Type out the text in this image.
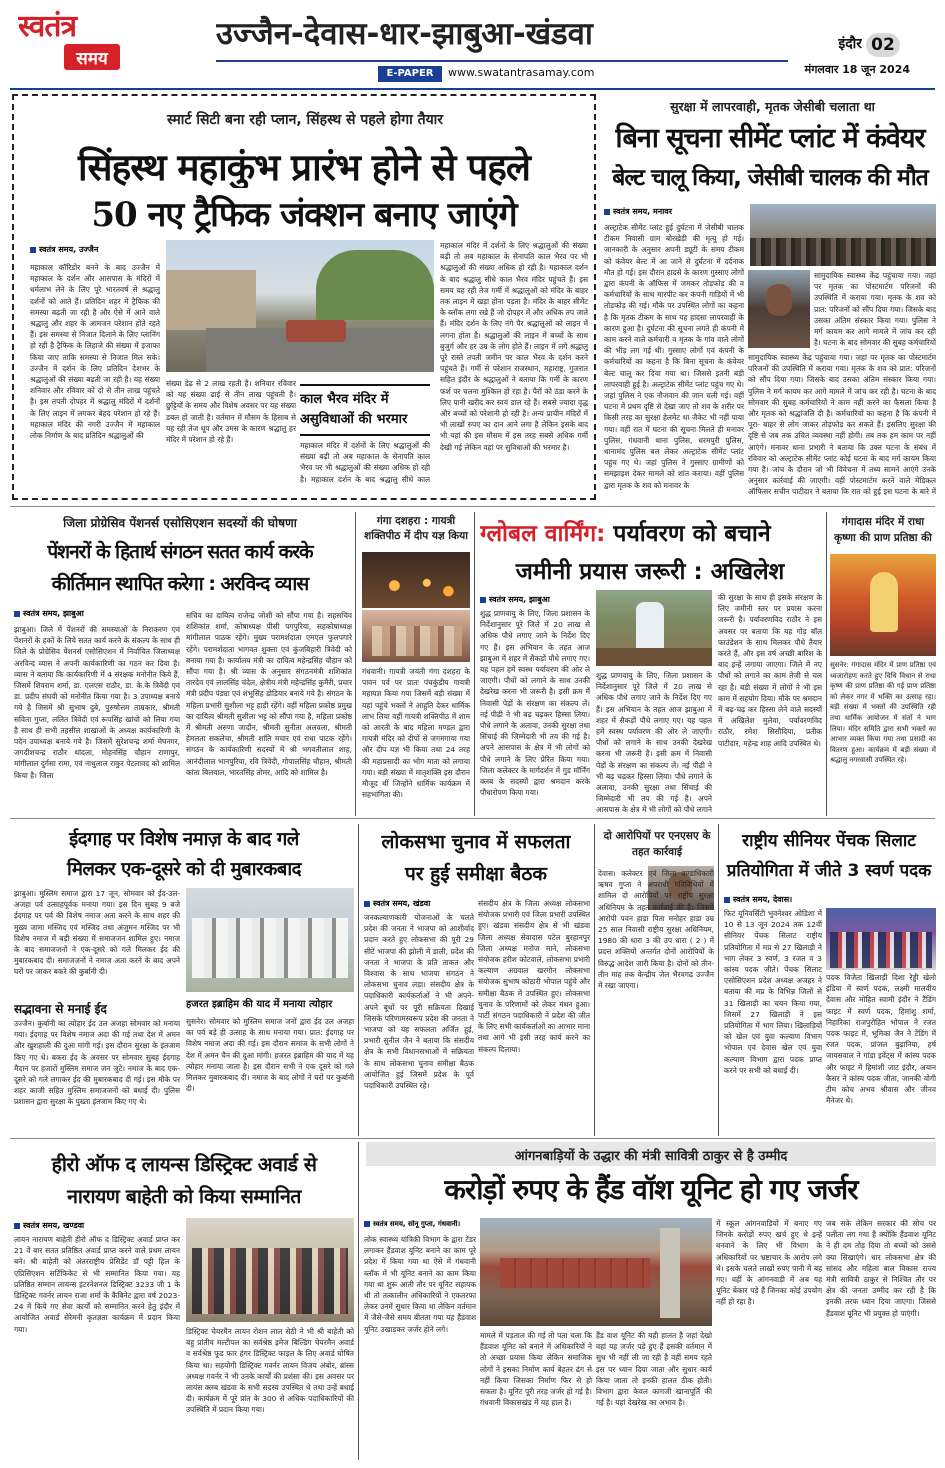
स्वतंत्र
समय
उज्जैन-देवास-धार-झाबुआ-खंडवा
E-PAPER	www.swatantrasamay.com
इंदौर 02
मंगलवार 18 जून 2024
स्मार्ट सिटी बना रही प्लान, सिंहस्थ से पहले होगा तैयार
सिंहस्थ महाकुंभ प्रारंभ होने से पहले
50 नए ट्रैफिक जंक्शन बनाए जाएंगे
स्वतंत्र समय, उज्जैन
महाकाल कॉरिडोर बनने के बाद उज्जैन में महाकाल के दर्शन और आसपास के मंदिरों में धर्मलाभ लेने के लिए पूरे भारतवर्ष से श्रद्धालु दर्शनों को आते हैं। प्रतिदिन शहर में ट्रैफिक की समस्या बढ़ती जा रही है और ऐसे में आने वाले श्रद्धालु और शहर के आमजन परेशान होते रहते हैं। इस समस्या से निजात दिलाने के लिए प्लानिंग हो रही है ट्रैफिक के लिहाजे की संख्या में इजाफा किया जाए ताकि समस्या से निजात मिल सके। उज्जैन में दर्शन के लिए प्रतिदिन देशभर के श्रद्धालुओं की संख्या बढ़ती जा रही है। यह संख्या शनिवार और रविवार को दो से तीन लाख पहुंचते है। इस तपती दोपहर में श्रद्धालु मंदिरों में दर्शनों के लिए लाइन में लगकर बेहद परेशान हो रहे हैं। महाकाल मंदिर की नगरी उज्जैन में महाकाल लोक निर्माण के बाद प्रतिदिन श्रद्धालुओं की
संख्या डेढ़ से 2 लाख रहती है। शनिवार रविवार को यह संख्या ढाई से तीन लाख पहुंचती है। छुट्टियों के समय और विशेष अवसर पर यह संख्या डबल हो जाती है। वर्तमान में मौसम के हिसाब से यह रही तेज धूप और उमस के कारण श्रद्धालु हर मंदिर में परेशान हो रहे हैं।
काल भैरव मंदिर में असुविधाओं की भरमार
महाकाल मंदिर में दर्शनों के लिए श्रद्धालुओं की संख्या बढ़ी तो अब महाकाल के सेनापति काल भैरव पर भी श्रद्धालुओं की संख्या अधिक हो रही है। महाकाल दर्शन के बाद श्रद्धालु सीधे काल
महाकाल मंदिर में दर्शनों के लिए श्रद्धालुओं की संख्या बढ़ी तो अब महाकाल के सेनापति काल भैरव पर भी श्रद्धालुओं की संख्या अधिक हो रही है। महाकाल दर्शन के बाद श्रद्धालु सीधे काल भैरव मंदिर पहुंचते हैं। इस समय यह रही तेज गर्मी में श्रद्धालुओं को मंदिर के बाहर तक लाइन में खड़ा होना पड़ता है। मंदिर के बाहर सीमेंट के ब्लॉक लगा रखे हैं जो दोपहर में और अधिक तप जाते हैं। मंदिर दर्शन के लिए नंगे पैर श्रद्धालुओं को लाइन में लगना होता है। श्रद्धालुओं की लाइन में बच्चों के साथ बुजुर्ग और हर उम्र के लोग होते हैं। लाइन में लगे श्रद्धालु पूरे रास्ते तपती जमीन पर काल भैरव के दर्शन करने पहुंचते हैं। गर्मी से परेशान राजस्थान, महाराष्ट्र, गुजरात सहित इंदौर के श्रद्धालुओं ने बताया कि गर्मी के कारण फर्श पर चलना मुश्किल हो रहा है। पैरों को ठंडा करने के लिए पानी खरीद कर स्वयं डाल रहे हैं। सबसे ज्यादा वृद्ध और बच्चों को परेशानी हो रही है। अन्य प्राचीन मंदिरों में भी लाखों रुपए का दान आने लगा है लेकिन इसके बाद भी यहां की इस मौसम में इस तरह सबसे अधिक गर्मी देखी गई लेकिन वहां पर सुविधाओं की भरमार है।
सुरक्षा में लापरवाही, मृतक जेसीबी चलाता था
बिना सूचना सीमेंट प्लांट में कंवेयर
बेल्ट चालू किया, जेसीबी चालक की मौत
स्वतंत्र समय, मनावर
अल्ट्राटेक सीमेंट प्लांट हुई दुर्घटना में जेसीबी चालक टीकम निवासी ग्राम बोरखेड़ी की मृत्यु हो गई। जानकारी के अनुसार अपनी ड्यूटी के समय टीकम को कंवेयर बेल्ट में आ जाने से दुर्घटना में दर्दनाक मौत हो गई। इस दौरान हादसे के कारण गुस्साए लोगों द्वारा कंपनी के ऑफिस में जमकर तोड़फोड़ की व कर्मचारियों के साथ मारपीट कर कंपनी गाड़ियों में भी तोड़फोड़ की गई। मौके पर उपस्थित लोगों का कहना है कि मृतक टीकम के साथ यह हादसा लापरवाही के कारण हुआ है। दुर्घटना की सूचना लगते ही कंपनी में काम करने वाले कर्मचारी व मृतक के गांव वाले लोगों की भीड़ लग गई थी। गुस्साए लोगों एवं कंपनी के कर्मचारियों का कहना है कि बिना सूचना के कंवेयर बेल्ट चालू कर दिया गया था। जिससे इतनी बड़ी लापरवाही हुई है। अल्ट्राटेक सीमेंट प्लांट पहुंच गए थे। जहां पुलिस ने एक नौजवान की जान चली गई। वहीं घटना में प्रथम दृष्टि से देखा जाए तो शव के शरीर पर किसी तरह का सुरक्षा हेलमेट था जैकेट भी नहीं पाया गया। वहीं रात में घटना की सूचना मिलते ही मनावर पुलिस, गंधवानी थाना पुलिस, धरमपुरी पुलिस, थानामंद पुलिस बल लेकर अल्ट्राटेक सीमेंट प्लांट पहुंच गए थे। जहां पुलिस ने गुस्साए ग्रामीणों को समझाइश देकर मामले को शांत कराया। वहीं पुलिस द्वारा मृतक के शव को मनावर के
सामुदायिक स्वास्थ्य केंद्र पहुंचाया गया। जहां पर मृतक का पोस्टमार्टम परिजनों की उपस्थिति में कराया गया। मृतक के शव को प्रात: परिजनों को सौंप दिया गया। जिसके बाद उसका अंतिम संस्कार किया गया। पुलिस ने मर्ग कायम कर आगे मामले में जांच कर रही है। घटना के बाद सोमवार की सुबह कर्मचारियों
सामुदायिक स्वास्थ्य केंद्र पहुंचाया गया। जहां पर मृतक का पोस्टमार्टम परिजनों की उपस्थिति में कराया गया। मृतक के शव को प्रात: परिजनों को सौंप दिया गया। जिसके बाद उसका अंतिम संस्कार किया गया। पुलिस ने मर्ग कायम कर आगे मामले में जांच कर रही है। घटना के बाद सोमवार की सुबह कर्मचारियों ने काम नहीं करने का फैसला किया है और मृतक को श्रद्धांजलि दी है। कर्मचारियों का कहना है कि कंपनी में पूरा- बाहर से लोग जाकर तोड़फोड़ कर सकते हैं। इसलिए सुरक्षा की दृष्टि से जब तक उचित व्यवस्था नहीं होगी। तब तक हम काम पर नहीं आएंगे। मनावर थाना प्रभारी ने बताया कि उक्त घटना के संबंध में रविवार को अल्ट्राटेक सीमेंट प्लांट कोई घटना के बाद मर्ग कायम किया गया है। जांच के दौरान जो भी विवेचना में तथ्य सामने आएंगे उनके अनुसार कार्रवाई की जाएगी। वहीं पोस्टमार्टम करने वाले मेडिकल ऑफिसर सचीन पाटीदार ने बताया कि रात को हुई इस घटना के बारे में
जिला प्रोग्रेसिव पेंशनर्स एसोसिएशन सदस्यों की घोषणा
पेंशनरों के हितार्थ संगठन सतत कार्य करके
कीर्तिमान स्थापित करेगा : अरविन्द व्यास
स्वतंत्र समय, झाबुआ
झाबुआ। जिले में पेंशनरों की समस्याओं के निराकरण एवं पेंशनरों के हकों के लिये सतत कार्य करने के संकल्प के साथ ही जिले के प्रोग्रेसिव पेंशनर्स एसोसिएशन में निर्वाचित जिलाध्यक्ष अरविन्द व्यास ने अपनी कार्यकारिणी का गठन कर दिया है। व्यास ने बताया कि कार्यकारिणी में 4 संरक्षक मनोनीत किये हैं, जिसमें शिवराम शर्मा, डा. एलएस राठौर, डा. के.के त्रिवेदी एवं डा. प्रदीप संघवी को मनोनीत किया गया है। 3 उपाध्यक्ष बनाये गये है जिसमें श्री सुभाष दुबे, पुरुषोत्तम ताम्रकार, श्रीमती सविता गुप्ता, ललित त्रिवेदी एवं रूपसिंह खांचो को लिया गया है साथ ही सभी तहसील शाखाओं के अध्यक्ष कार्यकारिणी के पदेन उपाध्यक्ष बनाये गये है। जिसमें सुरेशचन्द्र शर्मा मेघनगर, जगदीशचन्द्र राठौर थांदला, मोहनसिंह चौहान राणापुर, मांगीलाल दुर्गसा रामा, एवं नाथुलाल राकुर पेटलावद को शामिल किया है। जिला
सचिव का दायित्व राजेन्द्र जोशी को सौंपा गया है। सहसचिव शशिकांत शर्मा, कोषाध्यक्ष पीसी पगपुरिया, सहकोषाध्यक्ष मांगीलाल पाठक रहेंगे। मुख्य परामर्शदाता एमएल फुलपगारे रहेंगे। परामर्शदाता भागवत शुक्ला एवं कुंजबिहारी त्रिवेदी को बनाया गया है। कार्यालय मंत्री का दायित्व महेन्द्रसिंह चौहान को सौंपा गया है। श्री व्यास के अनुसार संगठनमंत्री शशिकांत तारदेव एवं लालसिंह चंदेल, क्षेत्रीय मंत्री महेन्द्रसिंह कुमैरी, प्रचार मंत्री प्रदीप पंड्या एवं शंभूसिंह डोडियार बनाये गये है। संगठन के महिला प्रभारी सुशीला भट्ट हाड़ी रहेंगे। वहीं महिला प्रकोष्ठ प्रमुख का दायित्व श्रीमती सुशीला भट्ट को सौंपा गया है, महिला प्रकोष्ठ में श्रीमती अरुणा जादौन, श्रीमती सुनीता अलवला, श्रीमती हेमलता सकलेचा, श्रीमती शांति मचार एवं राधा पाटक रहेंगे। संगठन के कार्यकारिणी सदस्यों में श्री भगवतीलाल शाह, आनंदीलाल भानपुरिया, रवि त्रिवेदी, गोपालसिंह चौहान, श्रीमती कांता बिलवाल, भारतसिंह तोमर, आदि को शामिल है।
गंगा दशहरा : गायत्री शक्तिपीठ में दीप यज्ञ किया
गंधवानी। गायत्री जयंती गंगा दशहरा के पावन पर्व पर प्रातः पंचकुंडीय गायत्री महायज्ञ किया गया जिसमें बड़ी संख्या में यहां पहुंचे भक्तों ने आहुति देकर धार्मिक लाभ लिया वहीं गायत्री शक्तिपीठ में शाम को आरती के बाद महिला मण्डल द्वारा गायत्री मंदिर को दीपों से जगमगाया गया और दीप यज्ञ भी किया तथा 24 तरह की महाप्रसादी का भोग माता को लगाया गया। बड़ी संख्या में मातृशक्ति इस दौरान मौजूद थीं जिन्होंने धार्मिक कार्यक्रम में सहभागिता की।
ग्लोबल वार्मिंग: पर्यावरण को बचाने
जमीनी प्रयास जरूरी : अखिलेश
स्वतंत्र समय, झाबुआ
शुद्ध प्राणवायु के लिए, जिला प्रशासन के निर्देशानुसार पूरे जिले में 20 लाख से अधिक पौधे लगाए जाने के निर्देश दिए गए हैं। इस अभियान के तहत आज झाबुआ में शहर में सैकड़ों पौधे लगाए गए। यह पहल हमें स्वस्थ पर्यावरण की ओर ले जाएगी। पौधों को लगाने के साथ उनकी देखरेख करना भी जरूरी है। इसी क्रम में निवासी पेड़ों के संरक्षण का संकल्प लें। नई पीढ़ी ने भी बढ़ चढ़कर हिस्सा लिया। पौधे लगाने के अलावा, उनकी सुरक्षा तथा सिंचाई की जिम्मेदारी भी तय की गई है। अपने आसपास के क्षेत्र में भी लोगों को पौधे लगाने के लिए प्रेरित किया गया। जिला कलेक्टर के मार्गदर्शन में गुड मॉर्निंग क्लब के सदस्यों द्वारा श्रमदान करके पौधारोपण किया गया।
शुद्ध प्राणवायु के लिए, जिला प्रशासन के निर्देशानुसार पूरे जिले में 20 लाख से अधिक पौधे लगाए जाने के निर्देश दिए गए हैं। इस अभियान के तहत आज झाबुआ में शहर में सैकड़ों पौधे लगाए गए। यह पहल हमें स्वस्थ पर्यावरण की ओर ले जाएगी। पौधों को लगाने के साथ उनकी देखरेख करना भी जरूरी है। इसी क्रम में निवासी पेड़ों के संरक्षण का संकल्प लें। नई पीढ़ी ने भी बढ़ चढ़कर हिस्सा लिया। पौधे लगाने के अलावा, उनकी सुरक्षा तथा सिंचाई की जिम्मेदारी भी तय की गई है। अपने आसपास के क्षेत्र में भी लोगों को पौधे लगाने
की सुरक्षा के साथ ही इसके संरक्षण के लिए जमीनी स्तर पर प्रयास करना जरूरी है। पर्यावरणविद राठौर ने इस अवसर पर बताया कि यह गोड़ बॉल फाउंडेशन के साथ मिलकर पौधे तैयार करते हैं, और इस वर्ष अच्छी बारिश के बाद इन्हें लगाया जाएगा। जिले में नए पौधों को लगाने का काम तेजी से चल रहा है। बड़ी संख्या में लोगों ने भी इस काम में सहयोग दिया। मौके पर श्रमदान में बढ़-चढ़ कर हिस्सा लेने वाले सदस्यों में अखिलेश मुलेवा, पर्यावरणविद राठौर, रमेश सिसौदिया, प्रतीक पाटीदार, महेन्द्र शाह आदि उपस्थित थे।
गंगादास मंदिर में राधा कृष्णा की प्राण प्रतिष्ठा की
सुसनेर: गंगादास मंदिर में प्राण प्रतिष्ठा एवं ध्वजारोहण करते हुए विधि विधान से राधा कृष्ण की प्राण प्रतिष्ठा की गई प्राण प्रतिष्ठा को लेकर नगर में भक्ति का उत्साह रहा। बड़ी संख्या में भक्तों की उपस्थिति रही तथा धार्मिक आयोजन में संतों ने भाग लिया। मंदिर समिति द्वारा सभी भक्तों का आभार व्यक्त किया गया तथा प्रसादी का वितरण हुआ। कार्यक्रम में बड़ी संख्या में श्रद्धालु नगरवासी उपस्थित रहे।
ईदगाह पर विशेष नमाज़ के बाद गले
मिलकर एक-दूसरे को दी मुबारकबाद
झाबुआ। मुस्लिम समाज द्वारा 17 जून, सोमवार को ईद-उल-अजहा पर्व उत्साहपूर्वक मनाया गया। इस दिन सुबह 9 बजे ईदगाह पर पर्व की विशेष नमाज अता करने के साथ शहर की मुख्य जामा मस्जिद एवं मस्जिद तथा अंजुमन मस्जिद पर भी विशेष नमाज में बड़ी संख्या में समाजजन शामिल हुए। नमाज के बाद समाजजनों ने एक-दूसरे को गले मिलकर ईद की मुबारकबाद दी। समाजजनों ने नमाज अता करने के बाद अपने घरों पर जाकर बकरे की कुर्बानी दी।
सद्भावना से मनाई ईद
उज्जैन। कुर्बानी का त्योहार ईद उल अजहा सोमवार को मनाया गया। ईदगाह पर विशेष नमाज अदा की गई तथा देश में अमन और खुशहाली की दुआ मांगी गई। इस दौरान सुरक्षा के इंतजाम किए गए थे। बकरा ईद के अवसर पर सोमवार सुबह ईदगाह मैदान पर हजारों मुस्लिम समाज जन जुटे। नमाज के बाद एक-दूसरे को गले लगाकर ईद की मुबारकबाद दी गई। इस मौके पर शहर काजी सहित मुस्लिम समाजजनों को बधाई दी। पुलिस प्रशासन द्वारा सुरक्षा के पुख्ता इंतजाम किए गए थे।
हजरत इब्राहिम की याद में मनाया त्योहार
सुसनेर। सोमवार को मुस्लिम समाज जनों द्वारा ईद उल अजहा का पर्व बड़े ही उत्साह के साथ मनाया गया। प्रात: ईदगाह पर विशेष नमाज अदा की गई। इस दौरान समाज के सभी लोगों ने देश में अमन चैन की दुआ मांगी। हजरत इब्राहिम की याद में यह त्योहार मनाया जाता है। इस दौरान सभी ने एक दूसरे को गले मिलकर मुबारकबाद दी। नमाज के बाद लोगों ने घरों पर कुर्बानी दी।
लोकसभा चुनाव में सफलता
पर हुई समीक्षा बैठक
स्वतंत्र समय, खंडवा
जनकल्याणकारी योजनाओं के चलते प्रदेश की जनता ने भाजपा को आशीर्वाद प्रदान करते हुए लोकसभा की पूरी 29 सीटें भाजपा की झोली में डाली, प्रदेश की जनता ने भाजपा के प्रति ताकत और विश्वास के साथ भाजपा संगठन ने लोकसभा चुनाव लड़ा। संसदीय क्षेत्र के पदाधिकारी कार्यकर्ताओं ने भी अपने-अपने बूथों पर पूरी सक्रियता दिखाई जिसके परिणामस्वरूप प्रदेश की जनता ने भाजपा को यह सफलता अर्जित हुई, प्रभारी सुनील जैन ने बताया कि संसदीय क्षेत्र के सभी विधानसभाओं में सक्रियता के साथ लोकसभा चुनाव समीक्षा बैठक आयोजित हुई जिसमें प्रदेश के पूर्व पदाधिकारी उपस्थित रहे।
संसदीय क्षेत्र के जिला अध्यक्ष लोकसभा संयोजक प्रभारी एवं जिला प्रभारी उपस्थित हुए। खंडवा संसदीय क्षेत्र से भी खंडवा जिला अध्यक्ष सेवादास पटेल बुरहानपुर जिला अध्यक्ष मनोज माने, लोकसभा संयोजक हरीश कोटवाले, लोकसभा प्रभारी कल्याण अग्रवाल खरगोन लोकसभा संयोजक सुभाष कोठारी भोपाल पहुंचे और समीक्षा बैठक में उपस्थित हुए। लोकसभा चुनाव के परिणामों को लेकर मंथन हुआ। पार्टी संगठन पदाधिकारी ने प्रदेश की जीत के लिए सभी कार्यकर्ताओं का आभार माना तथा आगे भी इसी तरह कार्य करने का संकल्प दिलाया।
दो आरोपियों पर एनएसए के तहत कार्रवाई
देवास। कलेक्टर एवं जिला दण्डाधिकारी ऋषव गुप्ता ने अपराधी गतिविधियों में शामिल दो आरोपियों पर राष्ट्रीय सुरक्षा अधिनियम के तहत कार्रवाई की है। जिसमें आरोपी पवन हाडा पिता मनोहर हाडा उम्र 25 साल निवासी राष्ट्रीय सुरक्षा अधिनियम, 1980 की धारा 3 की उप धारा ( 2 ) में प्रदत्त शक्तियों अन्तर्गत दोनों आरोपियों के विरुद्ध आदेश जारी किया है। दोनों को तीन-तीन माह तक केन्द्रीय जेल भैरवगढ़ उज्जैन में रखा जाएगा।
राष्ट्रीय सीनियर पेंचक सिलाट
प्रतियोगिता में जीते 3 स्वर्ण पदक
स्वतंत्र समय, देवास।
फिट यूनिवर्सिटी भुवनेश्वर ओडिशा में 10 से 13 जून 2024 तक 12वीं सीनियर पेंचक सिलाट राष्ट्रीय प्रतियोगिता में मप्र से 27 खिलाड़ी ने भाग लेकर 3 स्वर्ण, 3 रजत व 3 कांस्य पदक जीते। पेंचक सिलाट एसोसिएशन प्रदेश अध्यक्ष अजहर ने बताया की मप्र के विभिन्न जिलों से 31 खिलाड़ी का चयन किया गया, जिसमें 27 खिलाड़ी ने इस प्रतियोगिता में भाग लिया। खिलाड़ियों को खेल एवं युवा कल्याण विभाग भोपाल एवं देवास खेल एवं युवा कल्याण विभाग द्वारा पदक प्राप्त करने पर सभी को बधाई दी।
पदक विजेता खिलाड़ी दिशा रेड्डी खेलो इंडिया में स्वर्ण पदक, लक्ष्मी मालवीय देवास और मोहित स्वामी इंदौर ने टैंडिंग फाइट में स्वर्ण पदक, हिमांशु शर्मा, निहारिका राजपुरोहित भोपाल ने रजत पदक फाइट में, भूमिका जैन ने टेंडिंग में रजत पदक, प्रांजल बुढ़ानिया, हर्ष जायसवाल ने गांडा इवेंट्स में कांस्य पदक और फाइट में हिमांशी जाट इंदौर, अयान कैसर ने कांस्य पदक जीता, जानकी योगी टीम कोच अभय श्रीवास और जीनव मैनेजर थे।
हीरो ऑफ द लायन्स डिस्ट्रिक्ट अवार्ड से
नारायण बाहेती को किया सम्मानित
स्वतंत्र समय, खण्डवा
लायन नारायण बाहेती हीरो ऑफ द डिस्ट्रिक्ट अवार्ड प्राप्त कर 21 वें बार सतत प्रतिष्ठित अवार्ड प्राप्त करने वाले प्रथम लायन बने। श्री बाहेती को अंतरराष्ट्रीय प्रेसिडेंट डॉ पट्टी हिल के एप्रिसिएशन सर्टिफिकेट से भी सम्मानित किया गया। यह प्रतिष्ठित सम्मान लायन्स इंटरनेशनल डिस्ट्रिक्ट 3233 जी 1 के डिस्ट्रिक्ट गवर्नर लायन राजा शर्मा के कैबिनेट द्वारा वर्ष 2023-24 में किये गए सेवा कार्यों को सम्मानित करने हेतु इंदौर में आयोजित अवार्ड सेरेमनी कृतज्ञता कार्यक्रम में प्रदान किया गया।	डिस्ट्रिक्ट चेयरमैन लायन रोशन लाल सेठी ने भी श्री बाहेती को बहु प्रांतीय मल्टीपल का सर्वश्रेष्ठ इमेज बिल्डिंग चेयरमैन अवार्ड व सर्वश्रेष्ठ फूड फार हंगर डिस्ट्रिक्ट फाइल के लिए अवार्ड घोषित किया था। सहयोगी डिस्ट्रिक्ट गवर्नर लायन विजय अंबोर, ब्रांस्स अध्यक्ष गवर्नर ने भी उनके कार्यों की प्रशंसा की। इस अवसर पर लायंस क्लब खंडवा के सभी सदस्य उपस्थित थे तथा उन्हें बधाई दी। कार्यक्रम में पूरे प्रांत के 300 से अधिक पदाधिकारियों की उपस्थिति में प्रदान किया गया।
आंगनबाड़ियों के उद्धार की मंत्री सावित्री ठाकुर से है उम्मीद
करोड़ों रुपए के हैंड वॉश यूनिट हो गए जर्जर
स्वतंत्र समय, सोनू गुप्ता, गंधवानी।
लोक स्वास्थ्य यांत्रिकी विभाग के द्वारा टेंडर लगाकर हैंडवाश यूनिट बनाने का काम पूरे प्रदेश में किया गया था ऐसे में गंधवानी ब्लॉक में भी यूनिट बनाने का काम किया गया था शुरू आती तौर पर यूनिट सहायक थी तो तत्कालीन अधिकारियों ने एकतरफा लेकर उनमें सुधार किया था लेकिन वर्तमान में जैसे-जैसे समय बीतता गया यह हैंडवाश यूनिट उखाड़कर जर्जर होने लगे।
मामले में पड़ताल की गई तो पता चला कि हैंडवाश यूनिट को बनाने में अधिकारियों ने तो अच्छा प्रयास किया लेकिन समाजिक लोगों ने इसका निर्माण कार्य बेहतर ढंग से नहीं किया जिसका निर्माण फिर से हो सकता है। यूनिट पूरी तरह जर्जर हो गई है। गंधवानी विकासखंड में यह हाल है।
हैंड वाश यूनिट की यही हालत है जहां देखो वहां यह जर्जर पड़े हुए हैं इसकी वर्तमान में सुध भी नहीं ली जा रही है वहीं समय रहते इस पर ध्यान दिया जाता और सुधार कार्य किया जाता तो इनकी हालत ठीक होती। विभाग द्वारा केवल कागजी खानापूर्ति की गई है। यहां देखरेख का अभाव है।
में स्कूल आंगनवाड़ियों में बनाए गए जिनके करोड़ों रुपए खर्च हुए थे इन्हें बनवाने के लिए भी विभाग के अधिकारियों पर भ्रष्टाचार के आरोप लगे थे। इसके चलते लाखों रुपए पानी में बह गए। वहीं के आंगनवाड़ी में अब यह यूनिट बेकार पड़े हैं जिनका कोई उपयोग नहीं हो रहा है।
जब सके लेकिन सरकार की सोच पर पलीता लग गया है क्योंकि हैंडवाश यूनिट ने ही दम तोड़ दिया तो बच्चों को उससे क्या सिखाएंगे। धार लोकसभा क्षेत्र की सांसद और महिला बाल विकास राज्य मंत्री सावित्री ठाकुर से निश्चित तौर पर क्षेत्र की जनता उम्मीद कर रही है कि इनकी तरफ ध्यान दिया जाएगा। जिससे हैंडवाश यूनिट भी प्रयुक्त हो पाएंगी।
